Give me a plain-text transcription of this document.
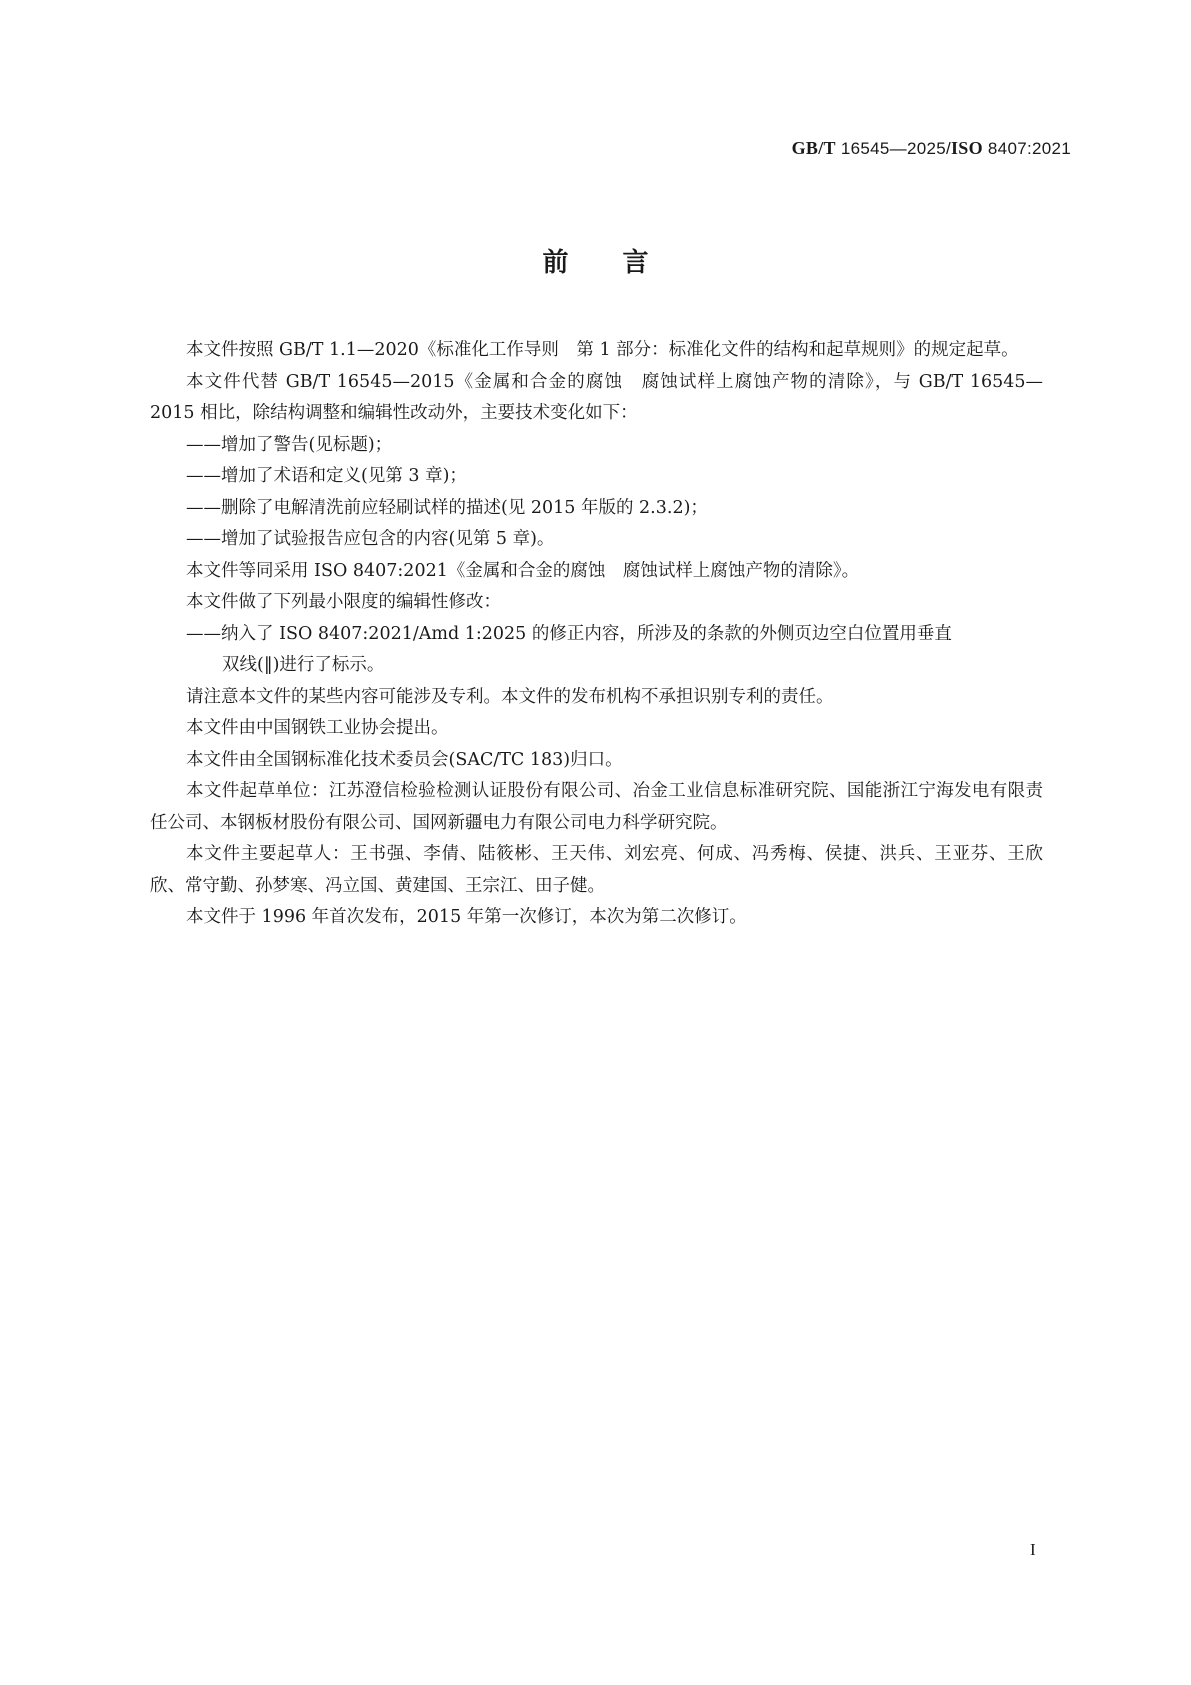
GB/T 16545—2025/ISO 8407:2021
前 言

本文件按照 GB/T 1.1—2020《标准化工作导则　第 1 部分：标准化文件的结构和起草规则》的规定起草。

本文件代替 GB/T 16545—2015《金属和合金的腐蚀　腐蚀试样上腐蚀产物的清除》，与 GB/T 16545—2015 相比，除结构调整和编辑性改动外，主要技术变化如下：

——增加了警告(见标题)；

——增加了术语和定义(见第 3 章)；

——删除了电解清洗前应轻刷试样的描述(见 2015 年版的 2.3.2)；

——增加了试验报告应包含的内容(见第 5 章)。

本文件等同采用 ISO 8407:2021《金属和合金的腐蚀　腐蚀试样上腐蚀产物的清除》。

本文件做了下列最小限度的编辑性修改：

——纳入了 ISO 8407:2021/Amd 1:2025 的修正内容，所涉及的条款的外侧页边空白位置用垂直

双线(‖)进行了标示。

请注意本文件的某些内容可能涉及专利。本文件的发布机构不承担识别专利的责任。

本文件由中国钢铁工业协会提出。

本文件由全国钢标准化技术委员会(SAC/TC 183)归口。

本文件起草单位：江苏澄信检验检测认证股份有限公司、冶金工业信息标准研究院、国能浙江宁海发电有限责任公司、本钢板材股份有限公司、国网新疆电力有限公司电力科学研究院。

本文件主要起草人：王书强、李倩、陆筱彬、王天伟、刘宏亮、何成、冯秀梅、侯捷、洪兵、王亚芬、王欣欣、常守勤、孙梦寒、冯立国、黄建国、王宗江、田子健。

本文件于 1996 年首次发布，2015 年第一次修订，本次为第二次修订。

I
